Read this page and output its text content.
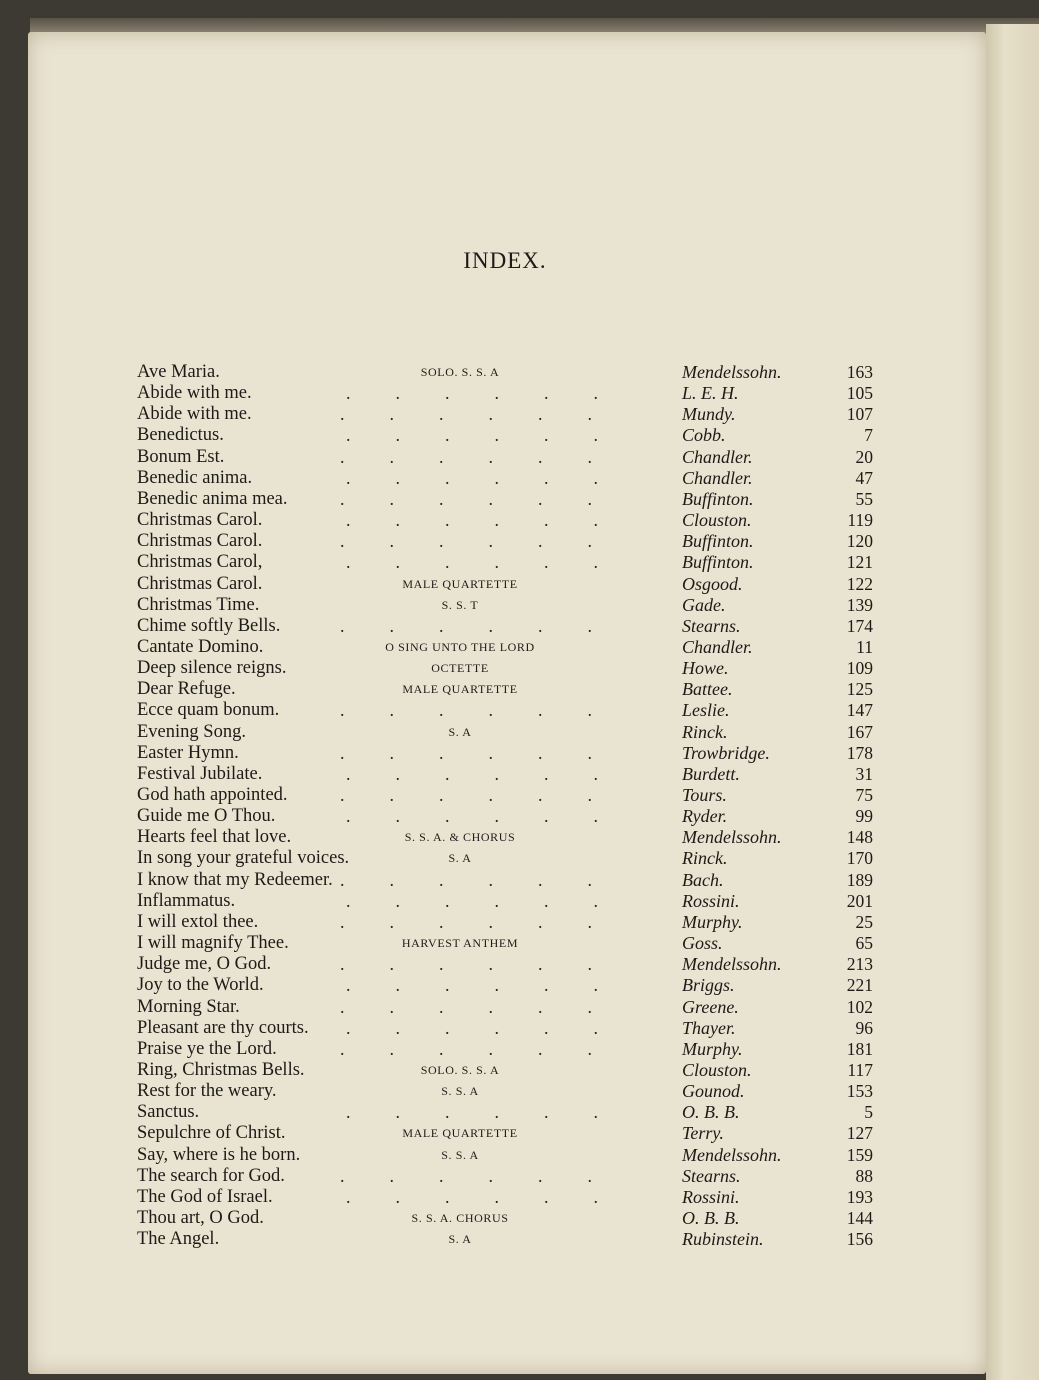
INDEX.
Ave Maria.	SOLO. S. S. A	Mendelssohn.	163
Abide with me.	...... L. E. H.	105
Abide with me.	......	Mundy.	107
Benedictus.	...... Cobb.	7
Bonum Est.	......	Chandler.	20
Benedic anima.	...... Chandler.	47
Benedic anima mea.	......	Buffinton.	55
Christmas Carol.	...... Clouston.	119
Christmas Carol.	......	Buffinton.	120
Christmas Carol,	...... Buffinton.	121
Christmas Carol.	MALE QUARTETTE	Osgood.	122
Christmas Time.	S. S. T	Gade.	139
Chime softly Bells.	......	Stearns.	174
Cantate Domino.	O SING UNTO THE LORD	Chandler.	11
Deep silence reigns.	OCTETTE	Howe.	109
Dear Refuge.	MALE QUARTETTE	Battee.	125
Ecce quam bonum.	......	Leslie.	147
Evening Song.	S. A	Rinck.	167
Easter Hymn.	......	Trowbridge.	178
Festival Jubilate.	...... Burdett.	31
God hath appointed.	......	Tours.	75
Guide me O Thou.	...... Ryder.	99
Hearts feel that love.	S. S. A. & CHORUS	Mendelssohn.	148
In song your grateful voices.	S. A	Rinck.	170
I know that my Redeemer. ......	Bach.	189
Inflammatus.	...... Rossini.	201
I will extol thee.	......	Murphy.	25
I will magnify Thee.	HARVEST ANTHEM	Goss.	65
Judge me, O God.	......	Mendelssohn.	213
Joy to the World.	...... Briggs.	221
Morning Star.	......	Greene.	102
Pleasant are thy courts. ...... Thayer.	96
Praise ye the Lord.	......	Murphy.	181
Ring, Christmas Bells.	SOLO. S. S. A	Clouston.	117
Rest for the weary.	S. S. A	Gounod.	153
Sanctus.	...... O. B. B.	5
Sepulchre of Christ.	MALE QUARTETTE	Terry.	127
Say, where is he born.	S. S. A	Mendelssohn.	159
The search for God.	......	Stearns.	88
The God of Israel.	...... Rossini.	193
Thou art, O God.	S. S. A. CHORUS	O. B. B.	144
The Angel.	S. A	Rubinstein.	156
